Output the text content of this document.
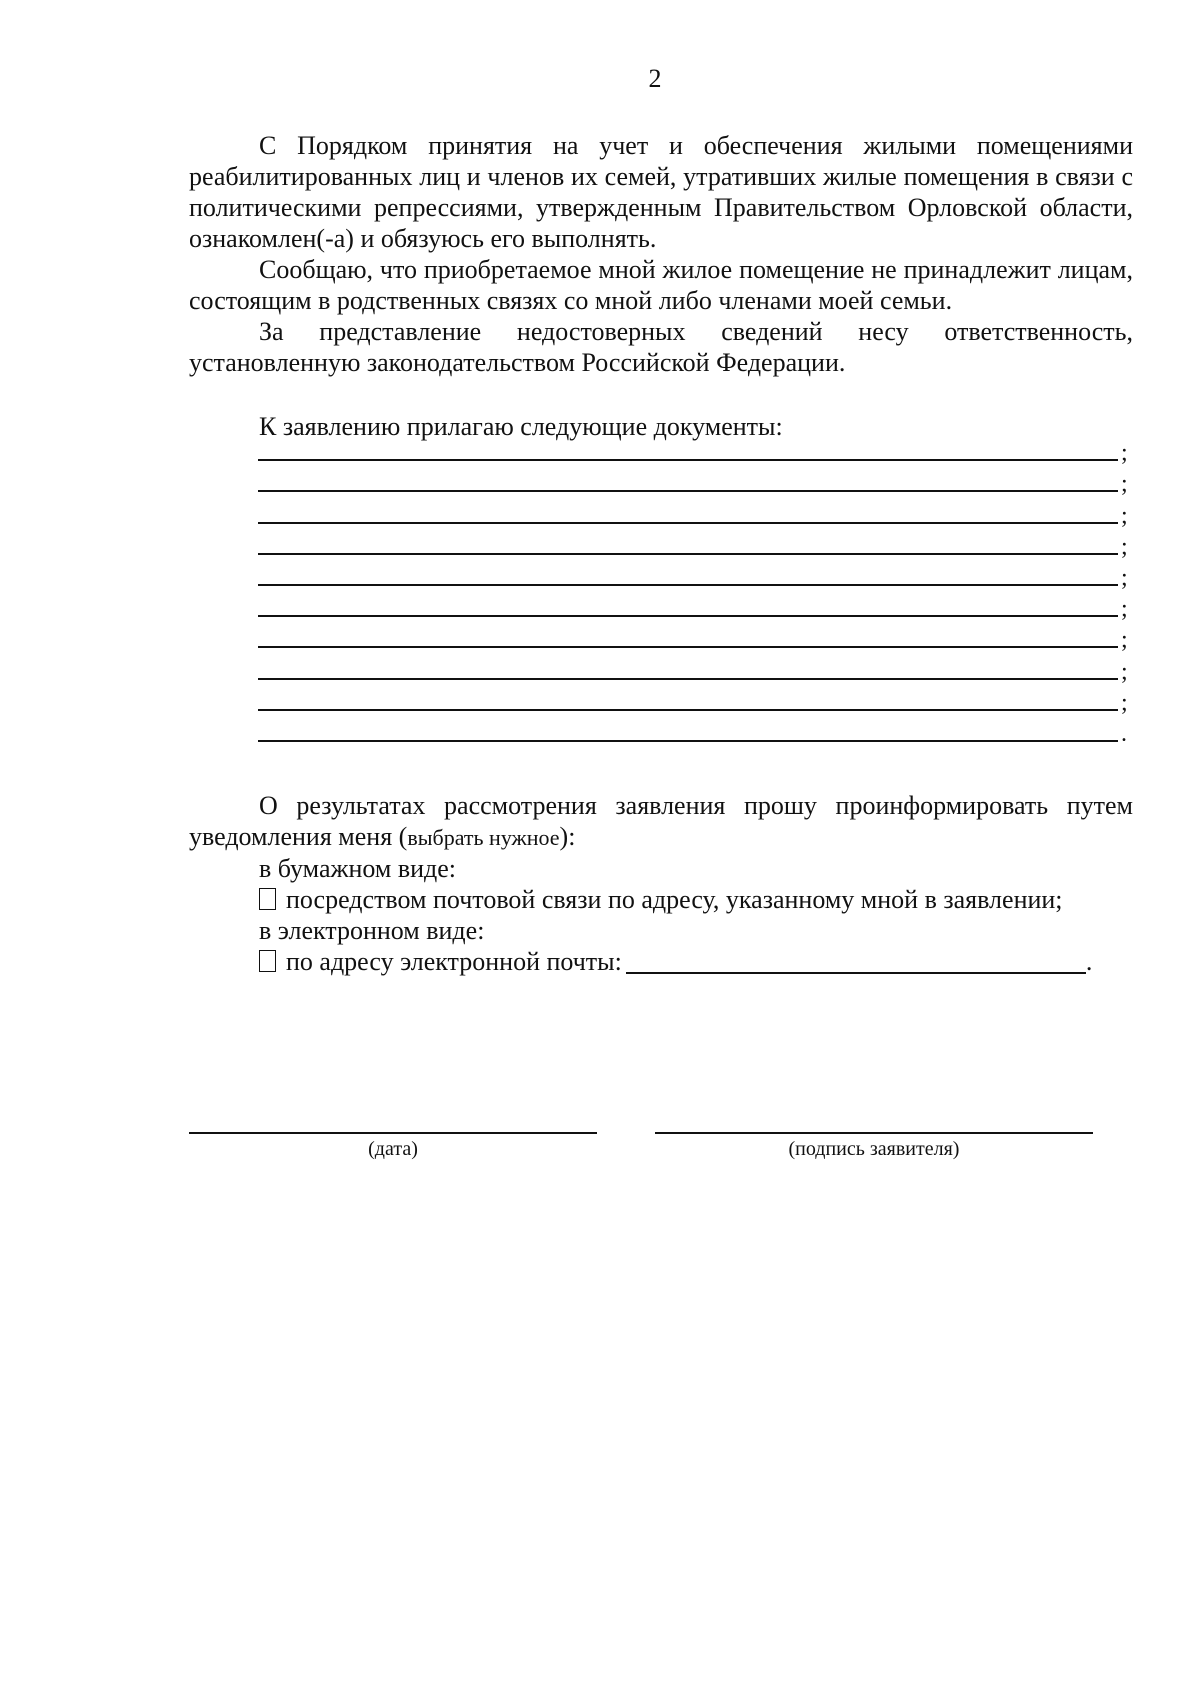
2

С Порядком принятия на учет и обеспечения жилыми помещениями реабилитированных лиц и членов их семей, утративших жилые помещения в связи с политическими репрессиями, утвержденным Правительством Орловской области, ознакомлен(-а) и обязуюсь его выполнять.

Сообщаю, что приобретаемое мной жилое помещение не принадлежит лицам, состоящим в родственных связях со мной либо членами моей семьи.

За представление недостоверных сведений несу ответственность, установленную законодательством Российской Федерации.

К заявлению прилагаю следующие документы:

;
;
;
;
;
;
;
;
;
.

О результатах рассмотрения заявления прошу проинформировать путем уведомления меня (выбрать нужное):

в бумажном виде:

посредством почтовой связи по адресу, указанному мной в заявлении;

в электронном виде:

по адресу электронной почты:	.

(дата)	(подпись заявителя)
